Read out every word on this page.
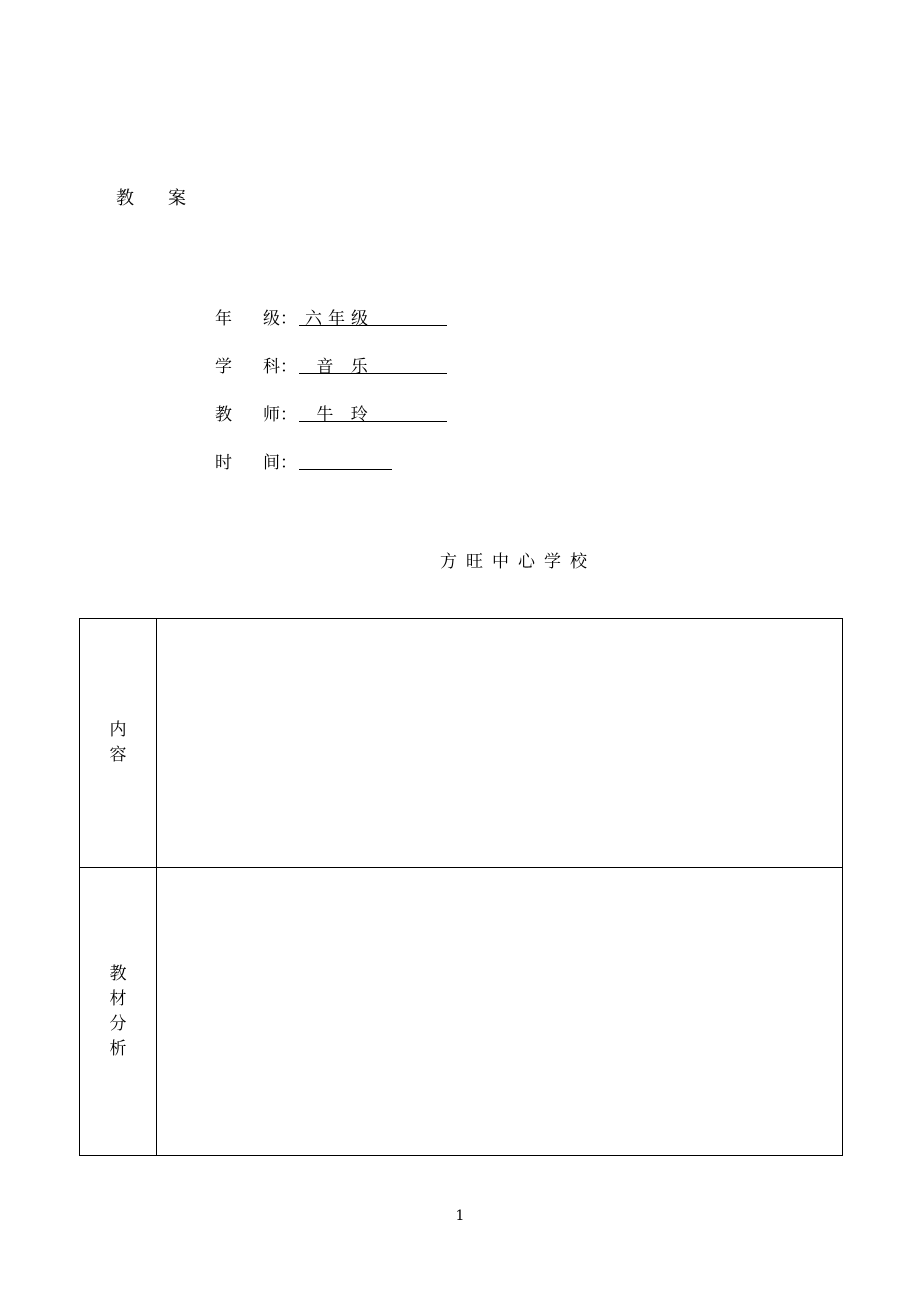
教 案
年	级： 六年级
学	科： 音 乐
教	师： 牛 玲
时	间：
方旺中心学校
内
容	

教
材
分
析	

1
